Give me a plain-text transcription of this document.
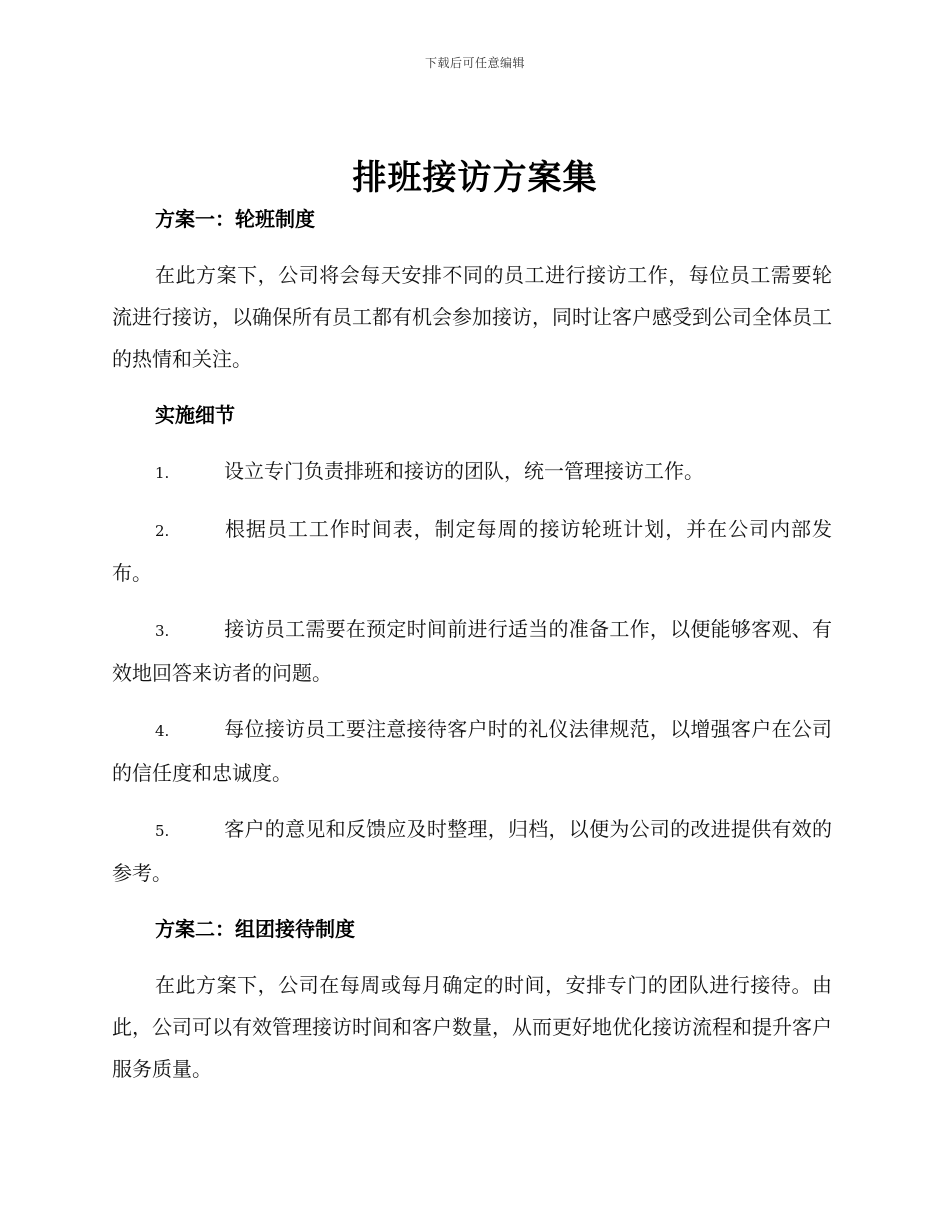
下载后可任意编辑
排班接访方案集

方案一：轮班制度

在此方案下，公司将会每天安排不同的员工进行接访工作，每位员工需要轮流进行接访，以确保所有员工都有机会参加接访，同时让客户感受到公司全体员工的热情和关注。

实施细节

1.	设立专门负责排班和接访的团队，统一管理接访工作。

2.	根据员工工作时间表，制定每周的接访轮班计划，并在公司内部发布。

3.	接访员工需要在预定时间前进行适当的准备工作，以便能够客观、有效地回答来访者的问题。

4.	每位接访员工要注意接待客户时的礼仪法律规范，以增强客户在公司的信任度和忠诚度。

5.	客户的意见和反馈应及时整理，归档，以便为公司的改进提供有效的参考。

方案二：组团接待制度

在此方案下，公司在每周或每月确定的时间，安排专门的团队进行接待。由此，公司可以有效管理接访时间和客户数量，从而更好地优化接访流程和提升客户服务质量。
